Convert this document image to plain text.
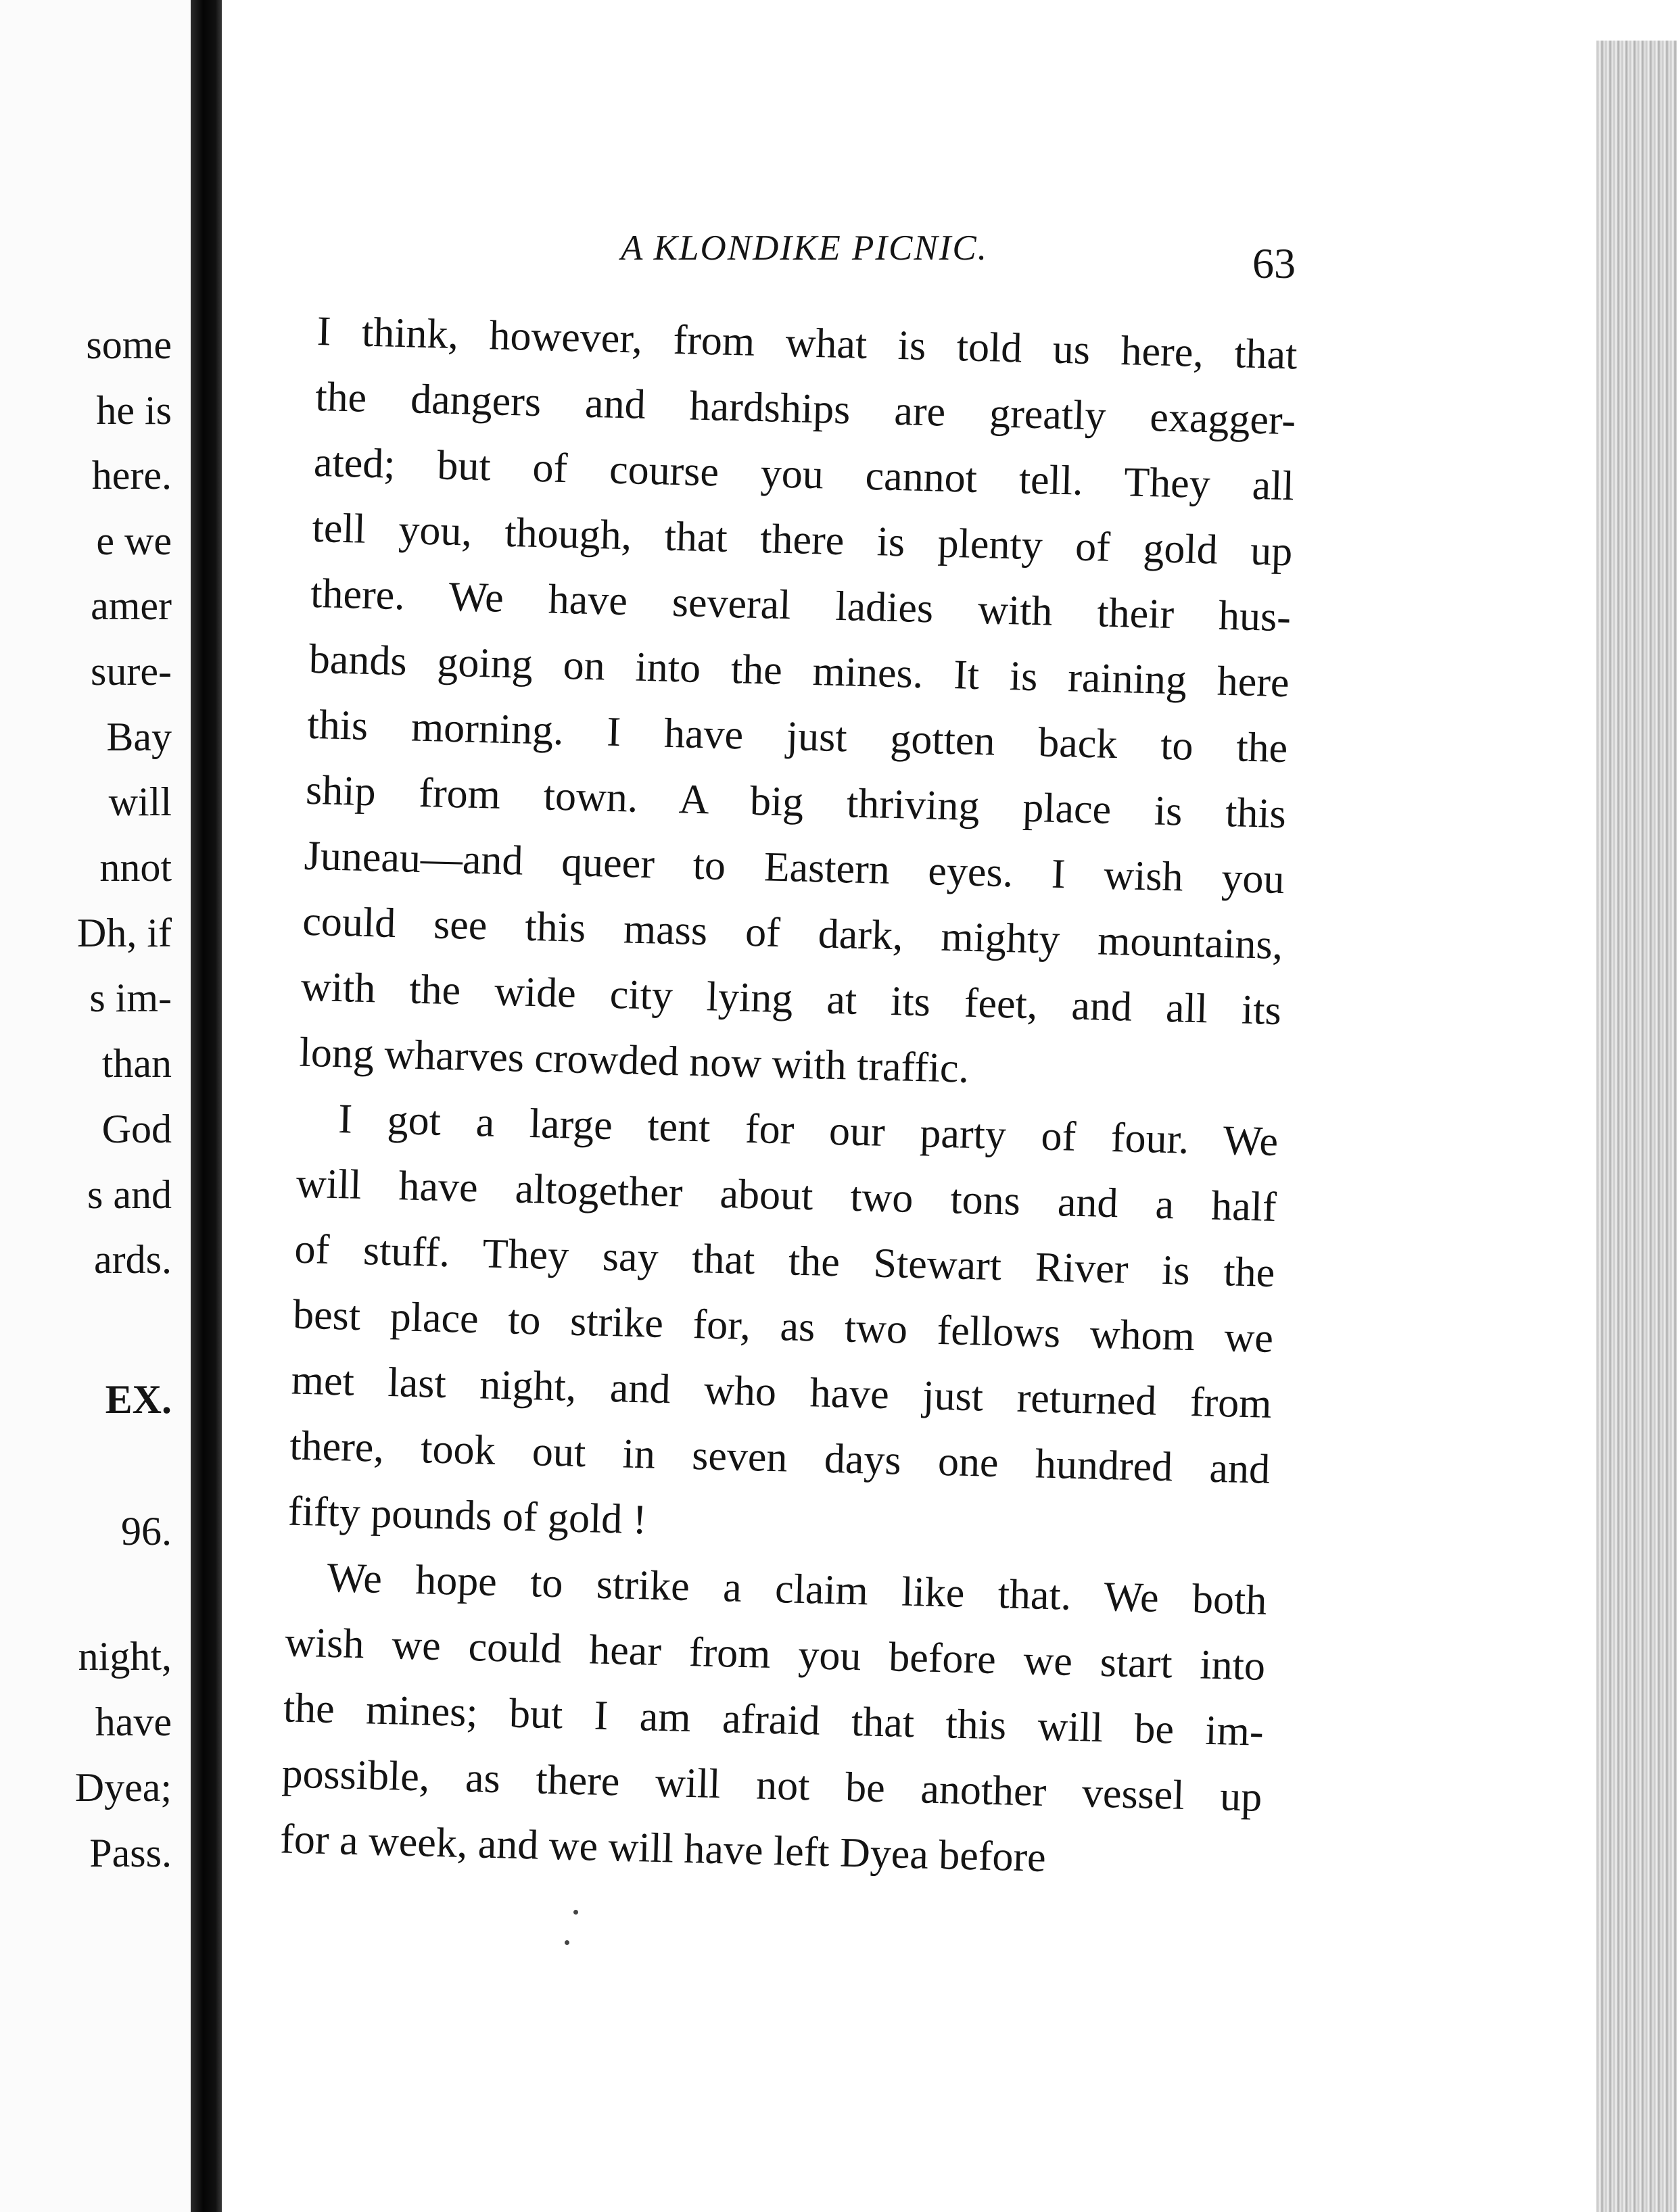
some
he is
here.
e we
amer
sure-
Bay
will
nnot
Dh, if
s im-
than
God
s and
ards.
EX.
96.
night,
have
Dyea;
Pass.
A KLONDIKE PICNIC.	63
I think, however, from what is told us here, that
the dangers and hardships are greatly exagger-
ated; but of course you cannot tell. They all
tell you, though, that there is plenty of gold up
there. We have several ladies with their hus-
bands going on into the mines. It is raining here
this morning. I have just gotten back to the
ship from town. A big thriving place is this
Juneau—and queer to Eastern eyes. I wish you
could see this mass of dark, mighty mountains,
with the wide city lying at its feet, and all its
long wharves crowded now with traffic.
I got a large tent for our party of four. We
will have altogether about two tons and a half
of stuff. They say that the Stewart River is the
best place to strike for, as two fellows whom we
met last night, and who have just returned from
there, took out in seven days one hundred and
fifty pounds of gold !
We hope to strike a claim like that. We both
wish we could hear from you before we start into
the mines; but I am afraid that this will be im-
possible, as there will not be another vessel up
for a week, and we will have left Dyea before
